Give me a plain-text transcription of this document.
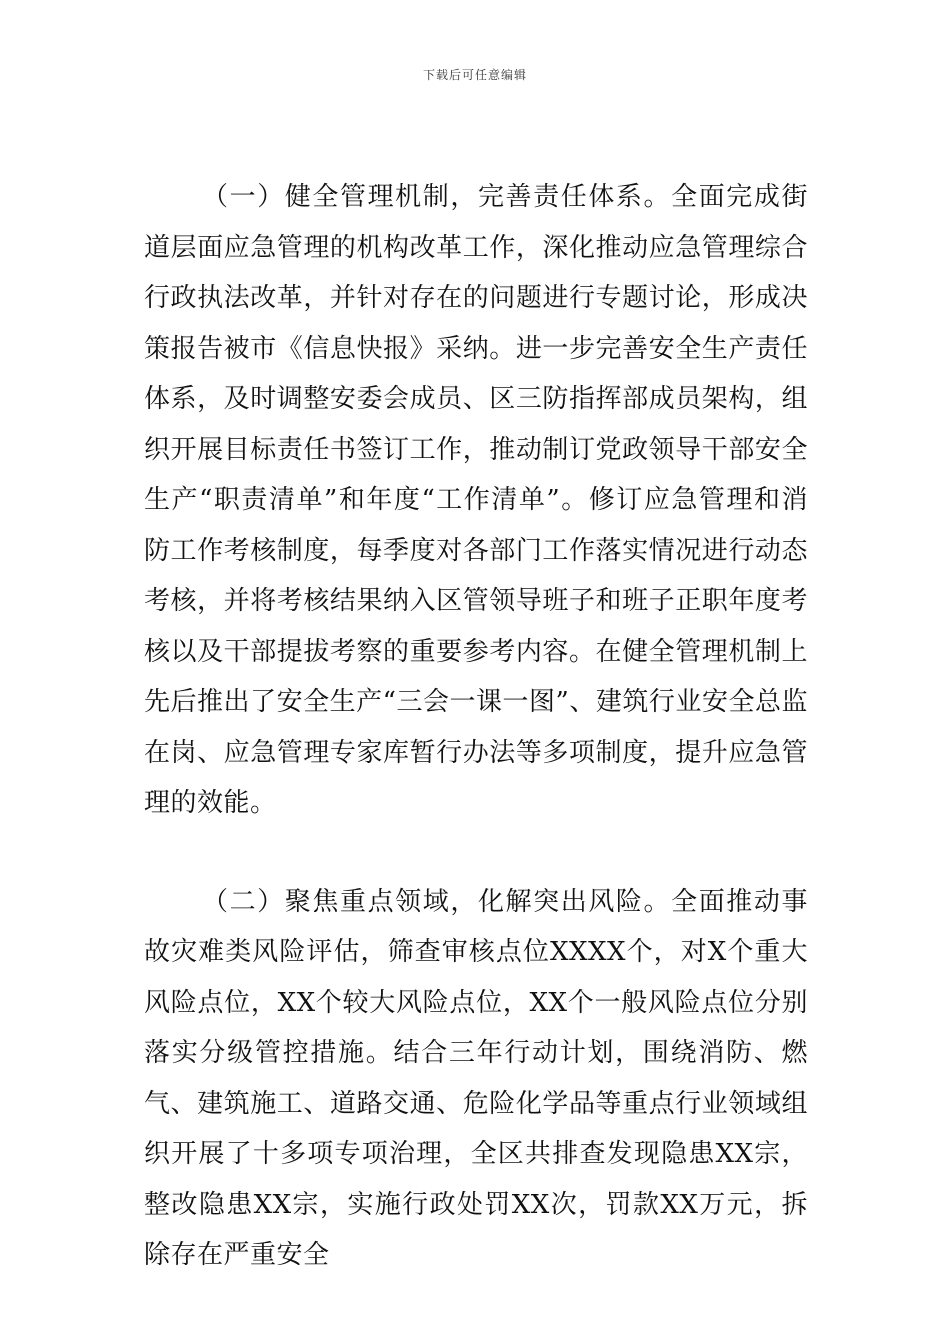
下载后可任意编辑

（一）健全管理机制，完善责任体系。全面完成街道层面应急管理的机构改革工作，深化推动应急管理综合行政执法改革，并针对存在的问题进行专题讨论，形成决策报告被市《信息快报》采纳。进一步完善安全生产责任体系，及时调整安委会成员、区三防指挥部成员架构，组织开展目标责任书签订工作，推动制订党政领导干部安全生产“职责清单”和年度“工作清单”。修订应急管理和消防工作考核制度，每季度对各部门工作落实情况进行动态考核，并将考核结果纳入区管领导班子和班子正职年度考核以及干部提拔考察的重要参考内容。在健全管理机制上先后推出了安全生产“三会一课一图”、建筑行业安全总监在岗、应急管理专家库暂行办法等多项制度，提升应急管理的效能。

（二）聚焦重点领域，化解突出风险。全面推动事故灾难类风险评估，筛查审核点位XXXX个，对X个重大风险点位，XX个较大风险点位，XX个一般风险点位分别落实分级管控措施。结合三年行动计划，围绕消防、燃气、建筑施工、道路交通、危险化学品等重点行业领域组织开展了十多项专项治理，全区共排查发现隐患XX宗，整改隐患XX宗，实施行政处罚XX次，罚款XX万元，拆除存在严重安全
